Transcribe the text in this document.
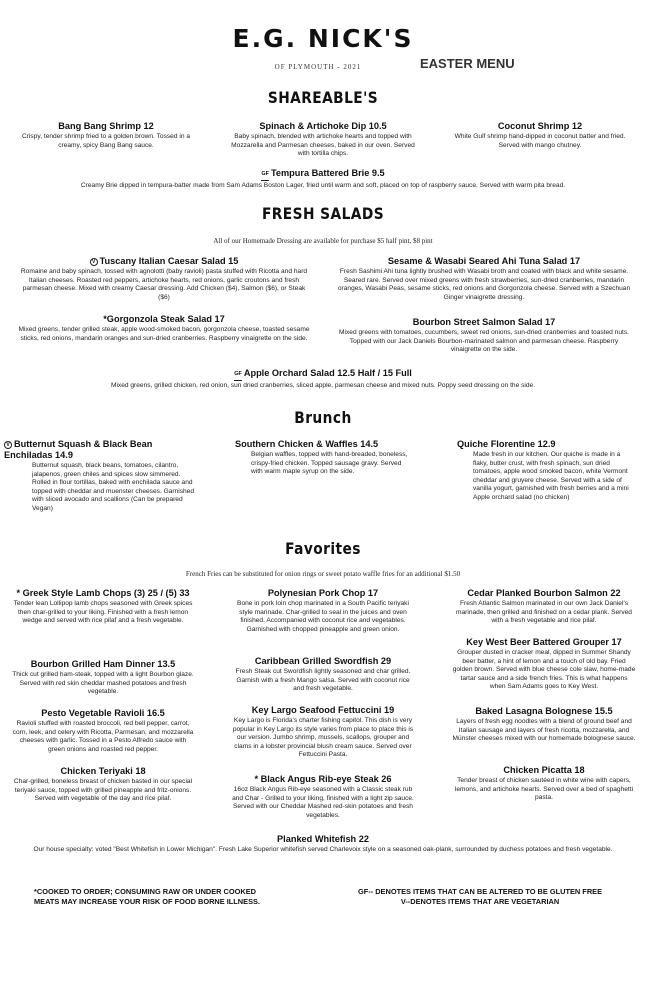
E.G. NICK'S
OF PLYMOUTH - 2021	EASTER MENU
SHAREABLE'S
Bang Bang Shrimp 12
Crispy, tender shrimp fried to a golden brown. Tossed in a creamy, spicy Bang Bang sauce.
Spinach & Artichoke Dip 10.5
Baby spinach, blended with artichoke hearts and topped with Mozzarella and Parmesan cheeses, baked in our oven. Served with tortilla chips.
Coconut Shrimp 12
White Gulf shrimp hand-dipped in coconut batter and fried. Served with mango chutney.
GF Tempura Battered Brie 9.5
Creamy Brie dipped in tempura-batter made from Sam Adams Boston Lager, fried until warm and soft, placed on top of raspberry sauce. Served with warm pita bread.
FRESH SALADS
All of our Homemade Dressing are available for purchase $5 half pint, $8 pint
V Tuscany Italian Caesar Salad 15
Romaine and baby spinach, tossed with agnolotti (baby ravioli) pasta stuffed with Ricotta and hard Italian cheeses. Roasted red peppers, artichoke hearts, red onions, garlic croutons and fresh parmesan cheese. Mixed with creamy Caesar dressing. Add Chicken ($4), Salmon ($6), or Steak ($6)
Sesame & Wasabi Seared Ahi Tuna Salad 17
Fresh Sashimi Ahi tuna lightly brushed with Wasabi broth and coated with black and white sesame. Seared rare. Served over mixed greens with fresh strawberries, sun-dried cranberries, mandarin oranges, Wasabi Peas, sesame sticks, red onions and Gorgonzola cheese. Served with a Szechuan Ginger vinaigrette dressing.
*Gorgonzola Steak Salad 17
Mixed greens, tender grilled steak, apple wood-smoked bacon, gorgonzola cheese, toasted sesame sticks, red onions, mandarin oranges and sun-dried cranberries. Raspberry vinaigrette on the side.
Bourbon Street Salmon Salad 17
Mixed greens with tomatoes, cucumbers, sweet red onions, sun-dried cranberries and toasted nuts. Topped with our Jack Daniels Bourbon-marinated salmon and parmesan cheese. Raspberry vinaigrette on the side.
GF Apple Orchard Salad 12.5 Half / 15 Full
Mixed greens, grilled chicken, red onion, sun dried cranberries, sliced apple, parmesan cheese and mixed nuts. Poppy seed dressing on the side.
Brunch
V Butternut Squash & Black Bean Enchiladas 14.9
Butternut squash, black beans, tomatoes, cilantro, jalapenos, green chiles and spices slow simmered. Rolled in flour tortillas, baked with enchilada sauce and topped with cheddar and muenster cheeses. Garnished with sliced avocado and scallions (Can be prepared Vegan)
Southern Chicken & Waffles 14.5
Belgian waffles, topped with hand-breaded, boneless, crispy-fried chicken. Topped sausage gravy. Served with warm maple syrup on the side.
Quiche Florentine 12.9
Made fresh in our kitchen. Our quiche is made in a flaky, butter crust, with fresh spinach, sun dried tomatoes, apple wood smoked bacon, white Vermont cheddar and gruyere cheese. Served with a side of vanilla yogurt, garnished with fresh berries and a mini Apple orchard salad (no chicken)
Favorites
French Fries can be substituted for onion rings or sweet potato waffle fries for an additional $1.50
* Greek Style Lamb Chops (3) 25 / (5) 33
Tender lean Lollipop lamb chops seasoned with Greek spices then char-grilled to your liking. Finished with a fresh lemon wedge and served with rice pilaf and a fresh vegetable.
Bourbon Grilled Ham Dinner 13.5
Thick cut grilled ham-steak, topped with a light Bourbon glaze. Served with red skin cheddar mashed potatoes and fresh vegetable.
Pesto Vegetable Ravioli 16.5
Ravioli stuffed with roasted broccoli, red bell pepper, carrot, corn, leek, and celery with Ricotta, Parmesan, and mozzarella cheeses with garlic. Tossed in a Pesto Alfredo sauce with green onions and roasted red pepper.
Chicken Teriyaki 18
Char-grilled, boneless breast of chicken basted in our special teriyaki sauce, topped with grilled pineapple and fritz-onions. Served with vegetable of the day and rice pilaf.
Polynesian Pork Chop 17
Bone in pork loin chop marinated in a South Pacific teriyaki style marinade. Char-grilled to seal in the juices and oven finished. Accompanied with coconut rice and vegetables. Garnished with chopped pineapple and green onion.
Caribbean Grilled Swordfish 29
Fresh Steak cut Swordfish lightly seasoned and char grilled. Garnish with a fresh Mango salsa. Served with coconut rice and fresh vegetable.
Key Largo Seafood Fettuccini 19
Key Largo is Florida's charter fishing capitol. This dish is very popular in Key Largo its style varies from place to place this is our version. Jumbo shrimp, mussels, scallops, grouper and clams in a lobster provincial blush cream sauce. Served over Fettuccini Pasta.
* Black Angus Rib-eye Steak 26
16oz Black Angus Rib-eye seasoned with a Classic steak rub and Char - Grilled to your liking, finished with a light zip sauce. Served with our Cheddar Mashed red-skin potatoes and fresh vegetables.
Cedar Planked Bourbon Salmon 22
Fresh Atlantic Salmon marinated in our own Jack Daniel's marinade, then grilled and finished on a cedar plank. Served with a fresh vegetable and rice pilaf.
Key West Beer Battered Grouper 17
Grouper dusted in cracker meal, dipped in Summer Shandy beer batter, a hint of lemon and a touch of old bay. Fried golden brown. Served with blue cheese cole slaw, home-made tartar sauce and a side french fries. This is what happens when Sam Adams goes to Key West.
Baked Lasagna Bolognese 15.5
Layers of fresh egg noodles with a blend of ground beef and Italian sausage and layers of fresh ricotta, mozzarella, and Münster cheeses mixed with our homemade bolognese sauce.
Chicken Picatta 18
Tender breast of chicken sautéed in white wine with capers, lemons, and artichoke hearts. Served over a bed of spaghetti pasta.
Planked Whitefish 22
Our house specialty: voted "Best Whitefish in Lower Michigan". Fresh Lake Superior whitefish served Charlevoix style on a seasoned oak-plank, surrounded by duchess potatoes and fresh vegetable.
*COOKED TO ORDER; CONSUMING RAW OR UNDER COOKED
MEATS MAY INCREASE YOUR RISK OF FOOD BORNE ILLNESS.
GF-- DENOTES ITEMS THAT CAN BE ALTERED TO BE GLUTEN FREE
V--DENOTES ITEMS THAT ARE VEGETARIAN
